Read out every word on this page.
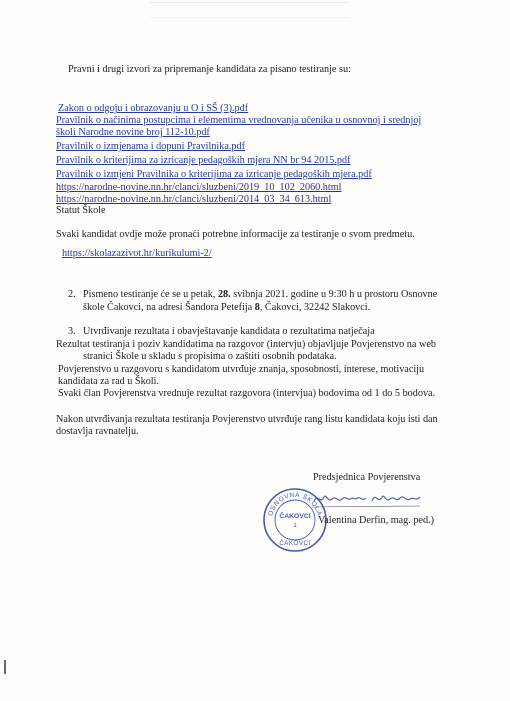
Pravni i drugi izvori za pripremanje kandidata za pisano testiranje su:
Zakon o odgoju i obrazovanju u O i SŠ (3).pdf
Pravilnik o načinima postupcima i elementima vrednovanja učenika u osnovnoj i srednjoj
školi Narodne novine broj 112-10.pdf
Pravilnik o izmjenama i dopuni Pravilnika.pdf
Pravilnik o kriterijima za izricanje pedagoških mjera NN br 94 2015.pdf
Pravilnik o izmjeni Pravilnika o kriterijima za izricanje pedagoških mjera.pdf
https://narodne-novine.nn.hr/clanci/sluzbeni/2019_10_102_2060.html
https://narodne-novine.nn.hr/clanci/sluzbeni/2014_03_34_613.html
Statut Škole
Svaki kandidat ovdje može pronaći potrebne informacije za testiranje o svom predmetu.
https://skolazazivot.hr/kurikulumi-2/
2. Pismeno testiranje će se u petak, 28. svibnja 2021. godine u 9:30 h u prostoru Osnovne
škole Čakovci, na adresi Šandora Petefija 8, Čakovci, 32242 Slakovci.
3. Utvrđivanje rezultata i obavještavanje kandidata o rezultatima natječaja
Rezultat testiranja i poziv kandidatima na razgovor (intervju) objavljuje Povjerenstvo na web
stranici Škole u skladu s propisima o zaštiti osobnih podataka.
Povjerenstvo u razgovoru s kandidatom utvrđuje znanja, sposobnosti, interese, motivaciju
kandidata za rad u Školi.
Svaki član Povjerenstva vrednuje rezultat razgovora (intervjua) bodovima od 1 do 5 bodova.
Nakon utvrđivanja rezultata testiranja Povjerenstvo utvrđuje rang listu kandidata koju isti dan
dostavlja ravnatelju.
Predsjednica Povjerenstva
OSNOVNA ŠKOLA
ČAKOVCI
1
ČAKOVCI
Valentina Derfin, mag. ped.)
